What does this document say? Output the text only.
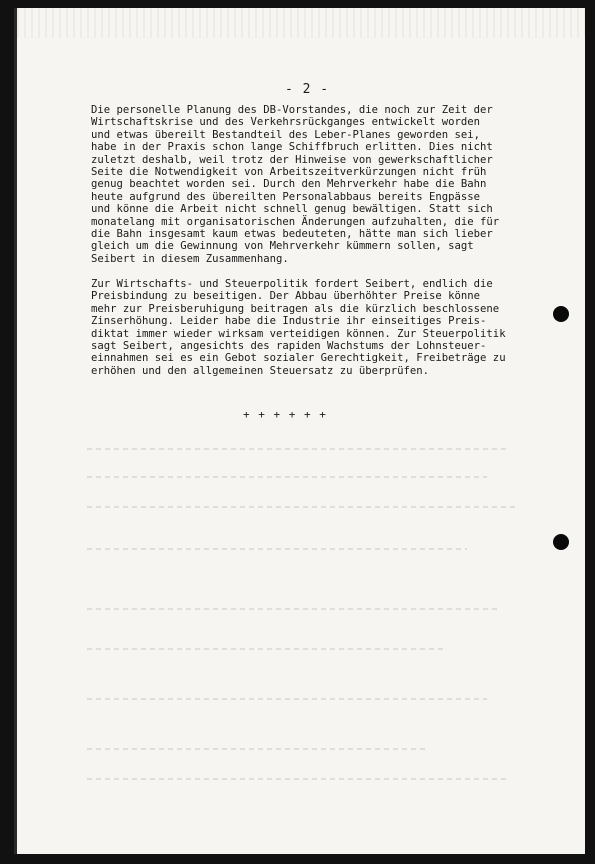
- 2 -

Die personelle Planung des DB-Vorstandes, die noch zur Zeit der
Wirtschaftskrise und des Verkehrsrückganges entwickelt worden
und etwas übereilt Bestandteil des Leber-Planes geworden sei,
habe in der Praxis schon lange Schiffbruch erlitten. Dies nicht
zuletzt deshalb, weil trotz der Hinweise von gewerkschaftlicher
Seite die Notwendigkeit von Arbeitszeitverkürzungen nicht früh
genug beachtet worden sei. Durch den Mehrverkehr habe die Bahn
heute aufgrund des übereilten Personalabbaus bereits Engpässe
und könne die Arbeit nicht schnell genug bewältigen. Statt sich
monatelang mit organisatorischen Änderungen aufzuhalten, die für
die Bahn insgesamt kaum etwas bedeuteten, hätte man sich lieber
gleich um die Gewinnung von Mehrverkehr kümmern sollen, sagt
Seibert in diesem Zusammenhang.

Zur Wirtschafts- und Steuerpolitik fordert Seibert, endlich die
Preisbindung zu beseitigen. Der Abbau überhöhter Preise könne
mehr zur Preisberuhigung beitragen als die kürzlich beschlossene
Zinserhöhung. Leider habe die Industrie ihr einseitiges Preis-
diktat immer wieder wirksam verteidigen können. Zur Steuerpolitik
sagt Seibert, angesichts des rapiden Wachstums der Lohnsteuer-
einnahmen sei es ein Gebot sozialer Gerechtigkeit, Freibeträge zu
erhöhen und den allgemeinen Steuersatz zu überprüfen.

+ + + + + +
